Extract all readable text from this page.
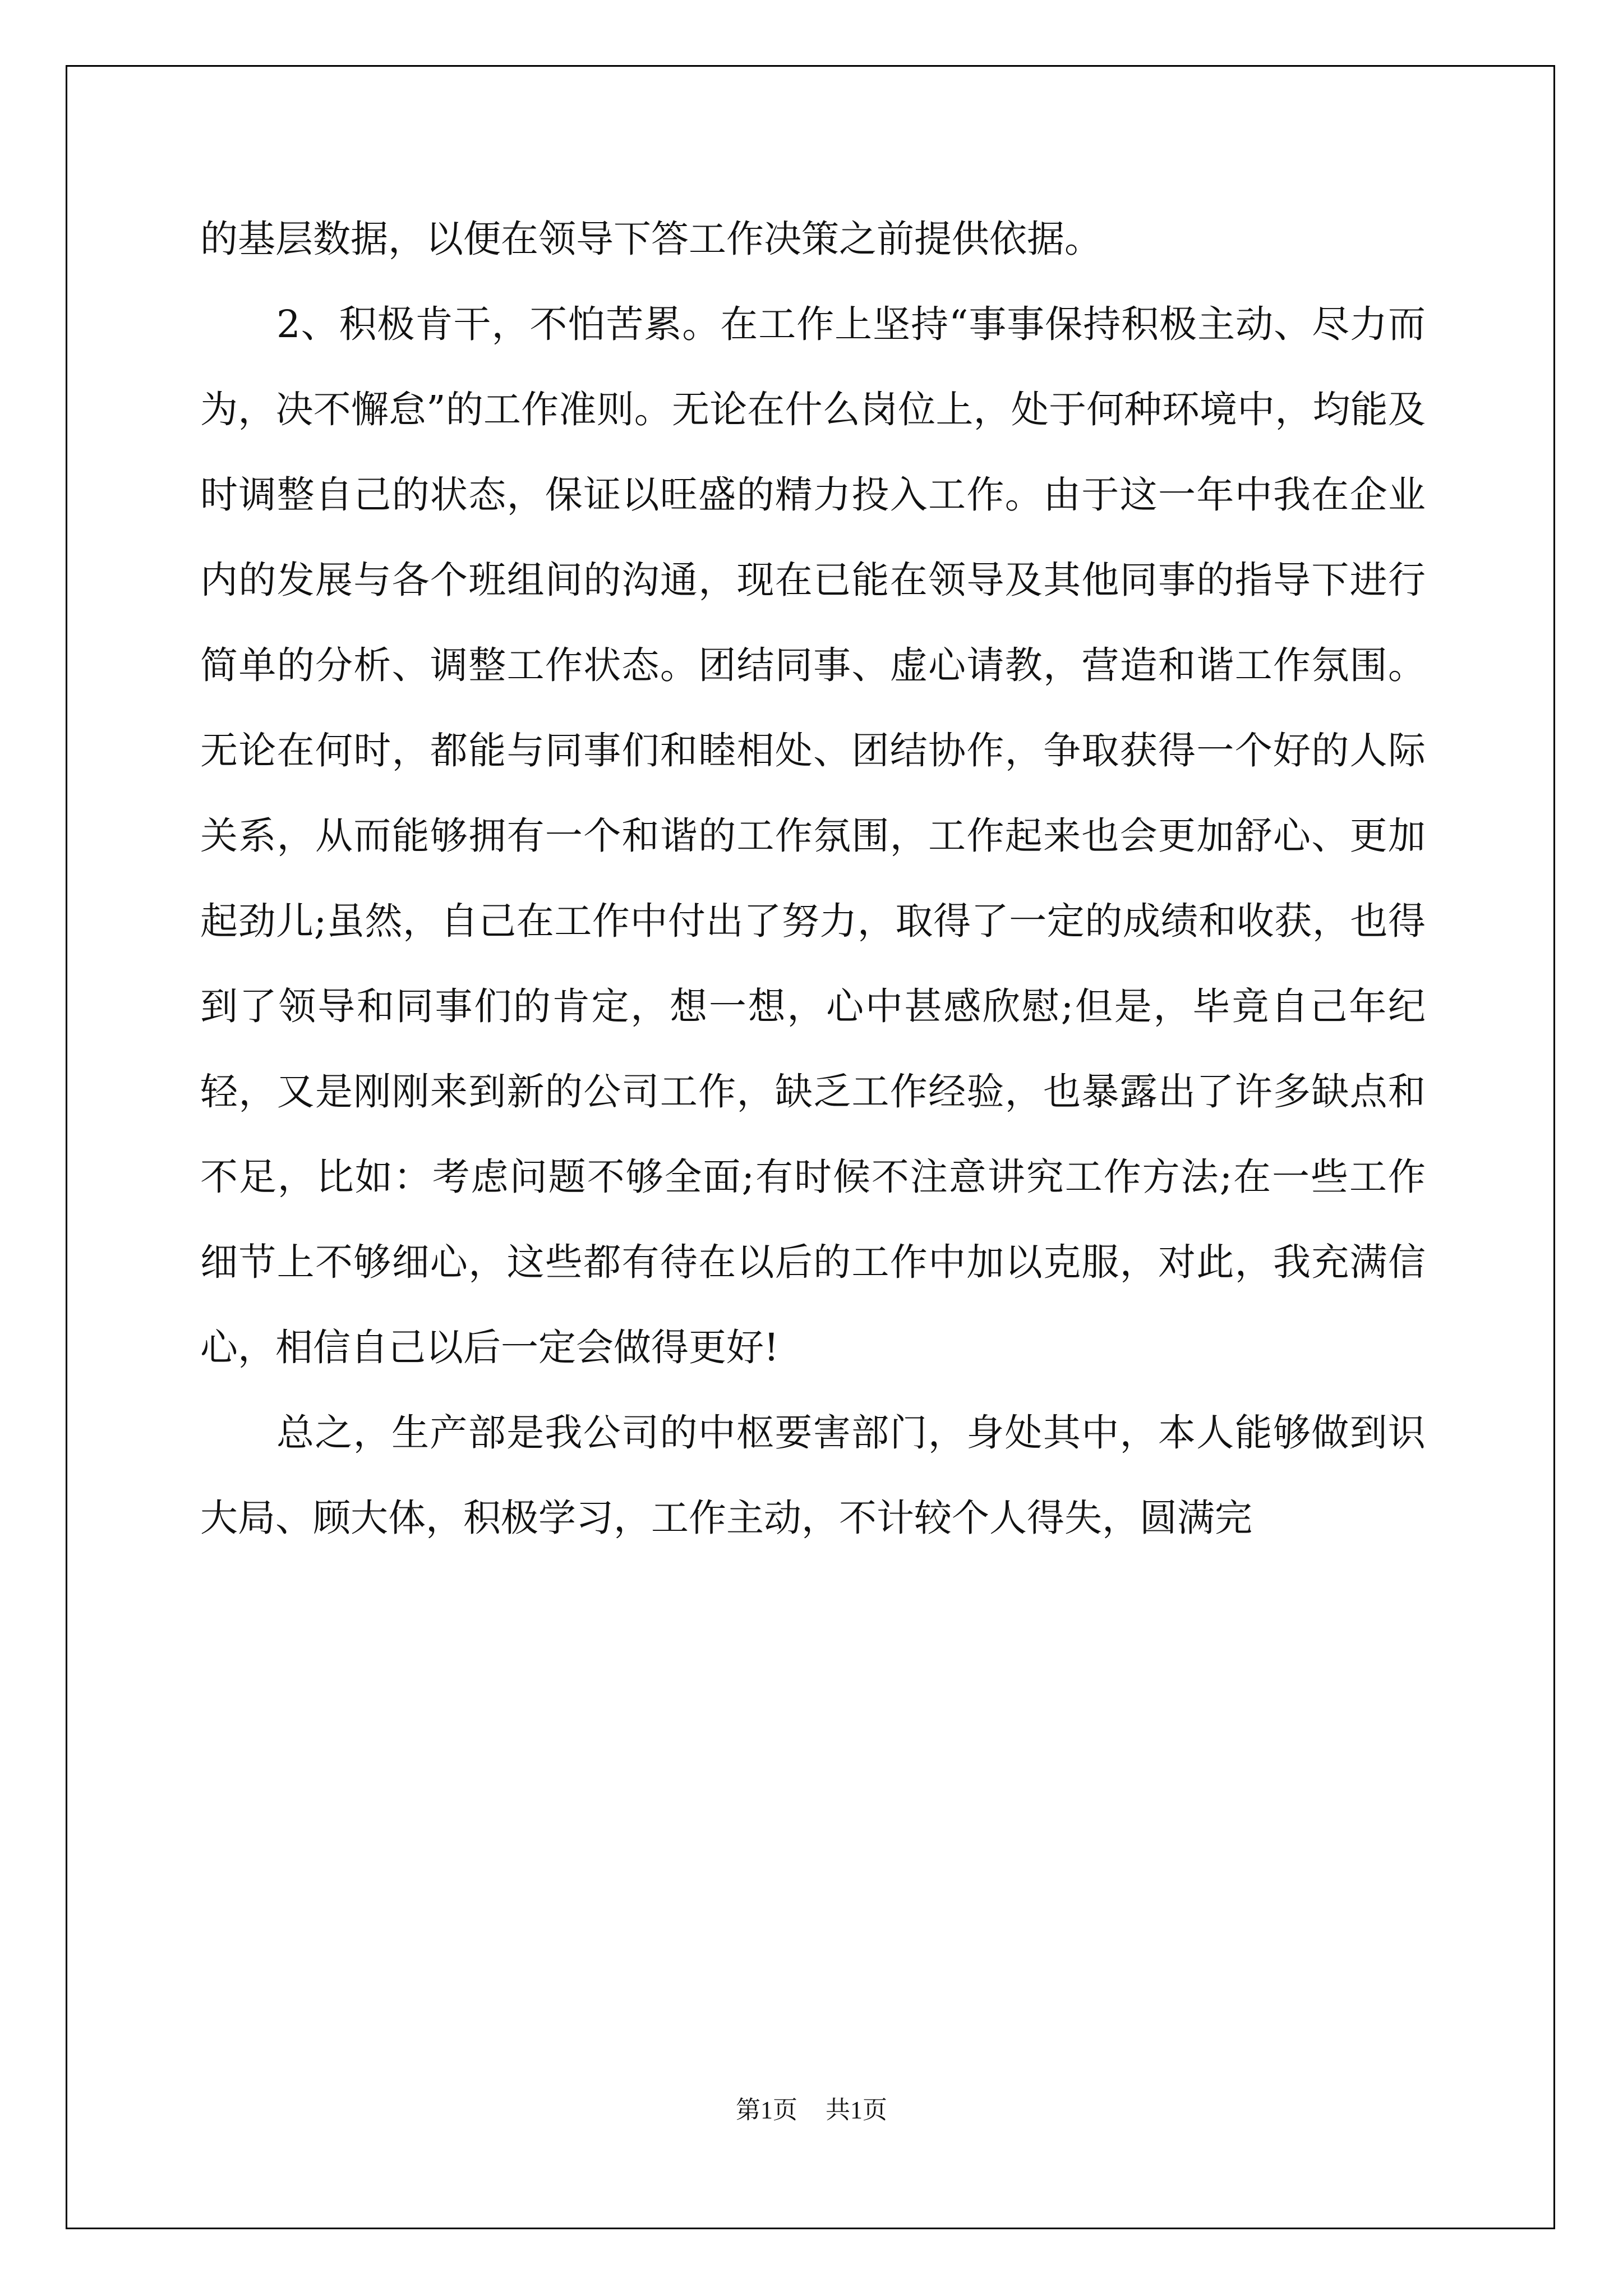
的基层数据，以便在领导下答工作决策之前提供依据。

2、积极肯干，不怕苦累。在工作上坚持“事事保持积极主动、尽力而为，决不懈怠”的工作准则。无论在什么岗位上，处于何种环境中，均能及时调整自己的状态，保证以旺盛的精力投入工作。由于这一年中我在企业内的发展与各个班组间的沟通，现在已能在领导及其他同事的指导下进行简单的分析、调整工作状态。团结同事、虚心请教，营造和谐工作氛围。无论在何时，都能与同事们和睦相处、团结协作，争取获得一个好的人际关系，从而能够拥有一个和谐的工作氛围，工作起来也会更加舒心、更加起劲儿;虽然，自己在工作中付出了努力，取得了一定的成绩和收获，也得到了领导和同事们的肯定，想一想，心中甚感欣慰;但是，毕竟自己年纪轻，又是刚刚来到新的公司工作，缺乏工作经验，也暴露出了许多缺点和不足，比如：考虑问题不够全面;有时候不注意讲究工作方法;在一些工作细节上不够细心，这些都有待在以后的工作中加以克服，对此，我充满信心，相信自己以后一定会做得更好!

总之，生产部是我公司的中枢要害部门，身处其中，本人能够做到识大局、顾大体，积极学习，工作主动，不计较个人得失，圆满完

第1页 共1页
